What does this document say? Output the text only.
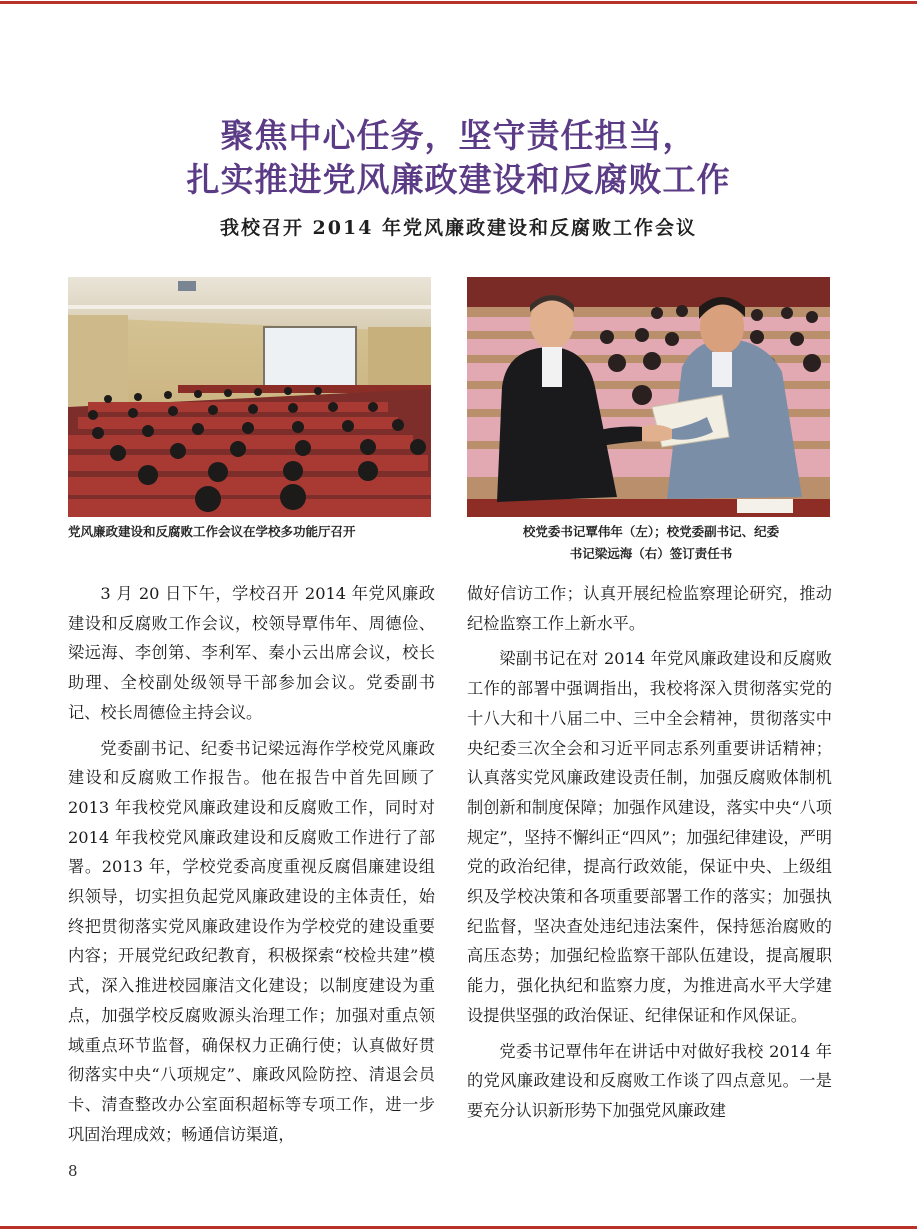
聚焦中心任务，坚守责任担当，
扎实推进党风廉政建设和反腐败工作
我校召开 2014 年党风廉政建设和反腐败工作会议

党风廉政建设和反腐败工作会议在学校多功能厅召开	校党委书记覃伟年（左）；校党委副书记、纪委
书记梁远海（右）签订责任书

3 月 20 日下午，学校召开 2014 年党风廉政建设和反腐败工作会议，校领导覃伟年、周德俭、梁远海、李创第、李利军、秦小云出席会议，校长助理、全校副处级领导干部参加会议。党委副书记、校长周德俭主持会议。

党委副书记、纪委书记梁远海作学校党风廉政建设和反腐败工作报告。他在报告中首先回顾了 2013 年我校党风廉政建设和反腐败工作，同时对 2014 年我校党风廉政建设和反腐败工作进行了部署。2013 年，学校党委高度重视反腐倡廉建设组织领导，切实担负起党风廉政建设的主体责任，始终把贯彻落实党风廉政建设作为学校党的建设重要内容；开展党纪政纪教育，积极探索“校检共建”模式，深入推进校园廉洁文化建设；以制度建设为重点，加强学校反腐败源头治理工作；加强对重点领域重点环节监督，确保权力正确行使；认真做好贯彻落实中央“八项规定”、廉政风险防控、清退会员卡、清查整改办公室面积超标等专项工作，进一步巩固治理成效；畅通信访渠道，

做好信访工作；认真开展纪检监察理论研究，推动纪检监察工作上新水平。

梁副书记在对 2014 年党风廉政建设和反腐败工作的部署中强调指出，我校将深入贯彻落实党的十八大和十八届二中、三中全会精神，贯彻落实中央纪委三次全会和习近平同志系列重要讲话精神；认真落实党风廉政建设责任制，加强反腐败体制机制创新和制度保障；加强作风建设，落实中央“八项规定”，坚持不懈纠正“四风”；加强纪律建设，严明党的政治纪律，提高行政效能，保证中央、上级组织及学校决策和各项重要部署工作的落实；加强执纪监督，坚决查处违纪违法案件，保持惩治腐败的高压态势；加强纪检监察干部队伍建设，提高履职能力，强化执纪和监察力度，为推进高水平大学建设提供坚强的政治保证、纪律保证和作风保证。

党委书记覃伟年在讲话中对做好我校 2014 年的党风廉政建设和反腐败工作谈了四点意见。一是要充分认识新形势下加强党风廉政建

8
